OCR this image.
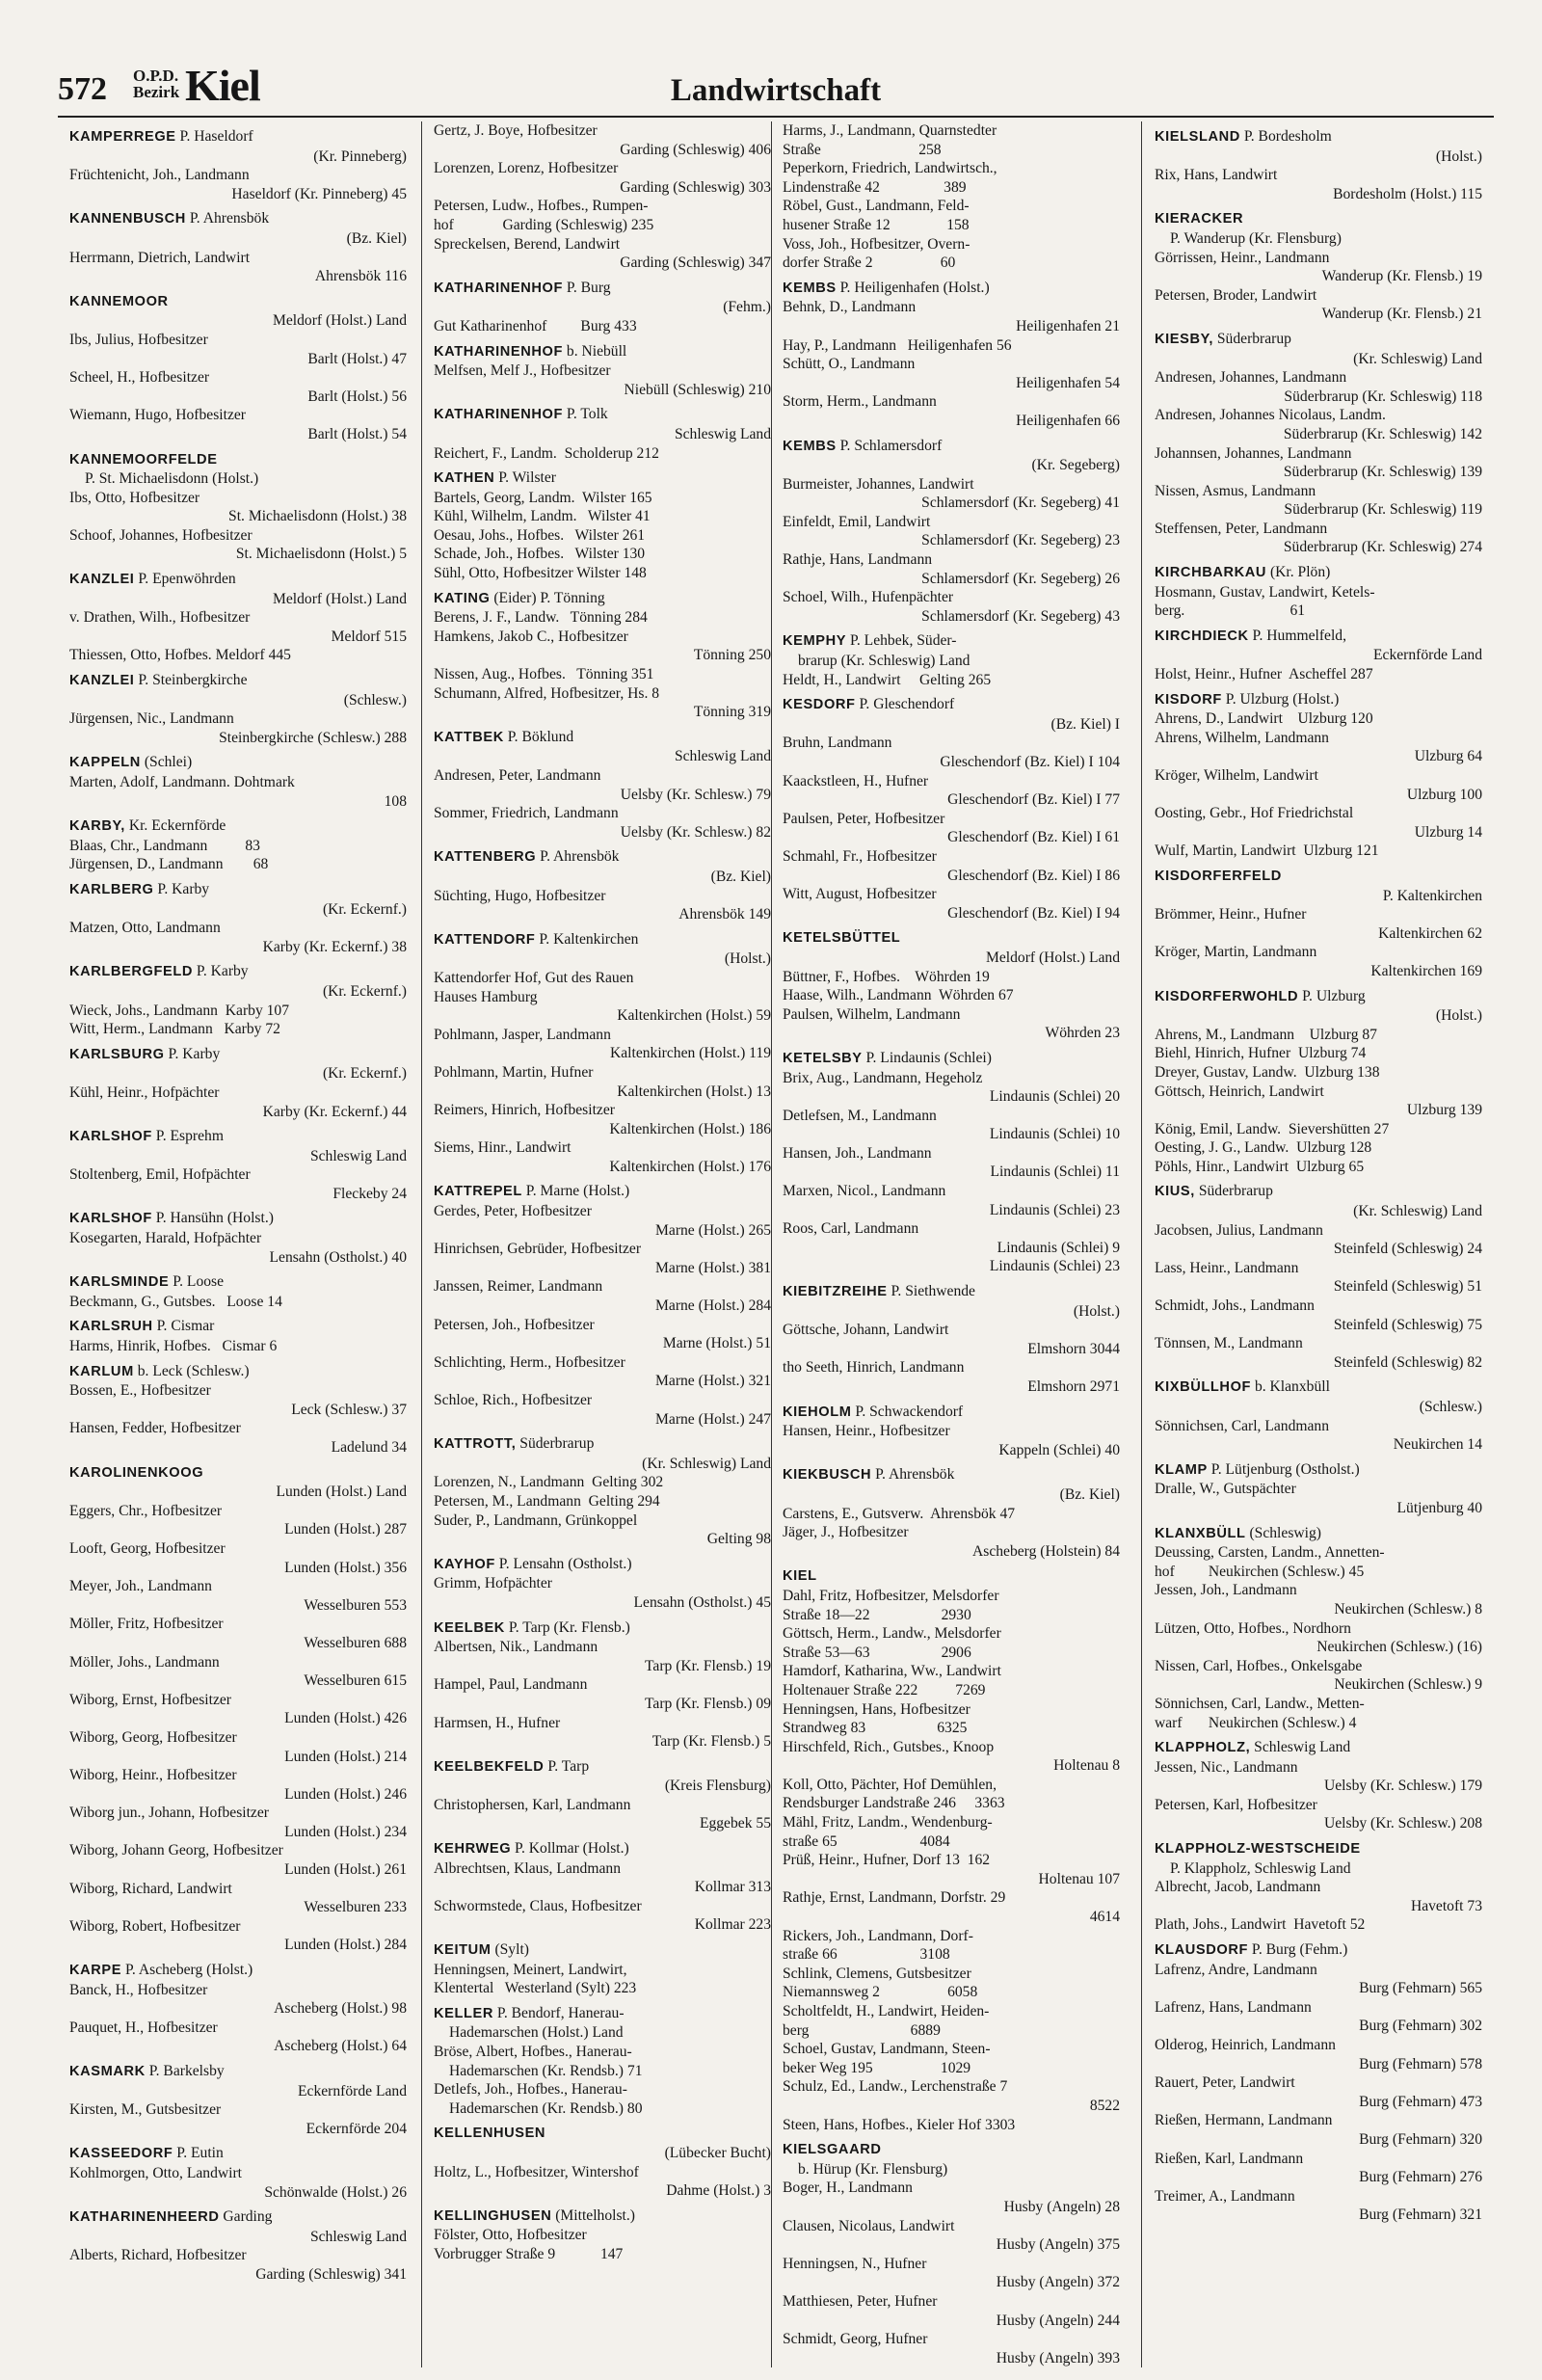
572 O.P.D.
Bezirk Kiel	Landwirtschaft
KAMPERREGE P. Haseldorf
(Kr. Pinneberg)
Früchtenicht, Joh., Landmann
Haseldorf (Kr. Pinneberg) 45
KANNENBUSCH P. Ahrensbök
(Bz. Kiel)
Herrmann, Dietrich, Landwirt
Ahrensbök 116
KANNEMOOR
Meldorf (Holst.) Land
Ibs, Julius, Hofbesitzer
Barlt (Holst.) 47
Scheel, H., Hofbesitzer
Barlt (Holst.) 56
Wiemann, Hugo, Hofbesitzer
Barlt (Holst.) 54
KANNEMOORFELDE
P. St. Michaelisdonn (Holst.)
Ibs, Otto, Hofbesitzer
St. Michaelisdonn (Holst.) 38
Schoof, Johannes, Hofbesitzer
St. Michaelisdonn (Holst.) 5
KANZLEI P. Epenwöhrden
Meldorf (Holst.) Land
v. Drathen, Wilh., Hofbesitzer
Meldorf 515
Thiessen, Otto, Hofbes. Meldorf 445
KANZLEI P. Steinbergkirche
(Schlesw.)
Jürgensen, Nic., Landmann
Steinbergkirche (Schlesw.) 288
KAPPELN (Schlei)
Marten, Adolf, Landmann. Dohtmark
108
KARBY, Kr. Eckernförde
Blaas, Chr., Landmann          83
Jürgensen, D., Landmann        68
KARLBERG P. Karby
(Kr. Eckernf.)
Matzen, Otto, Landmann
Karby (Kr. Eckernf.) 38
KARLBERGFELD P. Karby
(Kr. Eckernf.)
Wieck, Johs., Landmann  Karby 107
Witt, Herm., Landmann   Karby 72
KARLSBURG P. Karby
(Kr. Eckernf.)
Kühl, Heinr., Hofpächter
Karby (Kr. Eckernf.) 44
KARLSHOF P. Esprehm
Schleswig Land
Stoltenberg, Emil, Hofpächter
Fleckeby 24
KARLSHOF P. Hansühn (Holst.)
Kosegarten, Harald, Hofpächter
Lensahn (Ostholst.) 40
KARLSMINDE P. Loose
Beckmann, G., Gutsbes.   Loose 14
KARLSRUH P. Cismar
Harms, Hinrik, Hofbes.   Cismar 6
KARLUM b. Leck (Schlesw.)
Bossen, E., Hofbesitzer
Leck (Schlesw.) 37
Hansen, Fedder, Hofbesitzer
Ladelund 34
KAROLINENKOOG
Lunden (Holst.) Land
Eggers, Chr., Hofbesitzer
Lunden (Holst.) 287
Looft, Georg, Hofbesitzer
Lunden (Holst.) 356
Meyer, Joh., Landmann
Wesselburen 553
Möller, Fritz, Hofbesitzer
Wesselburen 688
Möller, Johs., Landmann
Wesselburen 615
Wiborg, Ernst, Hofbesitzer
Lunden (Holst.) 426
Wiborg, Georg, Hofbesitzer
Lunden (Holst.) 214
Wiborg, Heinr., Hofbesitzer
Lunden (Holst.) 246
Wiborg jun., Johann, Hofbesitzer
Lunden (Holst.) 234
Wiborg, Johann Georg, Hofbesitzer
Lunden (Holst.) 261
Wiborg, Richard, Landwirt
Wesselburen 233
Wiborg, Robert, Hofbesitzer
Lunden (Holst.) 284
KARPE P. Ascheberg (Holst.)
Banck, H., Hofbesitzer
Ascheberg (Holst.) 98
Pauquet, H., Hofbesitzer
Ascheberg (Holst.) 64
KASMARK P. Barkelsby
Eckernförde Land
Kirsten, M., Gutsbesitzer
Eckernförde 204
KASSEEDORF P. Eutin
Kohlmorgen, Otto, Landwirt
Schönwalde (Holst.) 26
KATHARINENHEERD Garding
Schleswig Land
Alberts, Richard, Hofbesitzer
Garding (Schleswig) 341
Gertz, J. Boye, Hofbesitzer
Garding (Schleswig) 406
Lorenzen, Lorenz, Hofbesitzer
Garding (Schleswig) 303
Petersen, Ludw., Hofbes., Rumpen-
hof             Garding (Schleswig) 235
Spreckelsen, Berend, Landwirt
Garding (Schleswig) 347
KATHARINENHOF P. Burg
(Fehm.)
Gut Katharinenhof         Burg 433
KATHARINENHOF b. Niebüll
Melfsen, Melf J., Hofbesitzer
Niebüll (Schleswig) 210
KATHARINENHOF P. Tolk
Schleswig Land
Reichert, F., Landm.  Scholderup 212
KATHEN P. Wilster
Bartels, Georg, Landm.  Wilster 165
Kühl, Wilhelm, Landm.   Wilster 41
Oesau, Johs., Hofbes.   Wilster 261
Schade, Joh., Hofbes.   Wilster 130
Sühl, Otto, Hofbesitzer Wilster 148
KATING (Eider) P. Tönning
Berens, J. F., Landw.   Tönning 284
Hamkens, Jakob C., Hofbesitzer
Tönning 250
Nissen, Aug., Hofbes.   Tönning 351
Schumann, Alfred, Hofbesitzer, Hs. 8
Tönning 319
KATTBEK P. Böklund
Schleswig Land
Andresen, Peter, Landmann
Uelsby (Kr. Schlesw.) 79
Sommer, Friedrich, Landmann
Uelsby (Kr. Schlesw.) 82
KATTENBERG P. Ahrensbök
(Bz. Kiel)
Süchting, Hugo, Hofbesitzer
Ahrensbök 149
KATTENDORF P. Kaltenkirchen
(Holst.)
Kattendorfer Hof, Gut des Rauen
Hauses Hamburg
Kaltenkirchen (Holst.) 59
Pohlmann, Jasper, Landmann
Kaltenkirchen (Holst.) 119
Pohlmann, Martin, Hufner
Kaltenkirchen (Holst.) 13
Reimers, Hinrich, Hofbesitzer
Kaltenkirchen (Holst.) 186
Siems, Hinr., Landwirt
Kaltenkirchen (Holst.) 176
KATTREPEL P. Marne (Holst.)
Gerdes, Peter, Hofbesitzer
Marne (Holst.) 265
Hinrichsen, Gebrüder, Hofbesitzer
Marne (Holst.) 381
Janssen, Reimer, Landmann
Marne (Holst.) 284
Petersen, Joh., Hofbesitzer
Marne (Holst.) 51
Schlichting, Herm., Hofbesitzer
Marne (Holst.) 321
Schloe, Rich., Hofbesitzer
Marne (Holst.) 247
KATTROTT, Süderbrarup
(Kr. Schleswig) Land
Lorenzen, N., Landmann  Gelting 302
Petersen, M., Landmann  Gelting 294
Suder, P., Landmann, Grünkoppel
Gelting 98
KAYHOF P. Lensahn (Ostholst.)
Grimm, Hofpächter
Lensahn (Ostholst.) 45
KEELBEK P. Tarp (Kr. Flensb.)
Albertsen, Nik., Landmann
Tarp (Kr. Flensb.) 19
Hampel, Paul, Landmann
Tarp (Kr. Flensb.) 09
Harmsen, H., Hufner
Tarp (Kr. Flensb.) 5
KEELBEKFELD P. Tarp
(Kreis Flensburg)
Christophersen, Karl, Landmann
Eggebek 55
KEHRWEG P. Kollmar (Holst.)
Albrechtsen, Klaus, Landmann
Kollmar 313
Schwormstede, Claus, Hofbesitzer
Kollmar 223
KEITUM (Sylt)
Henningsen, Meinert, Landwirt,
Klentertal   Westerland (Sylt) 223
KELLER P. Bendorf, Hanerau-
Hademarschen (Holst.) Land
Bröse, Albert, Hofbes., Hanerau-
Hademarschen (Kr. Rendsb.) 71
Detlefs, Joh., Hofbes., Hanerau-
Hademarschen (Kr. Rendsb.) 80
KELLENHUSEN
(Lübecker Bucht)
Holtz, L., Hofbesitzer, Wintershof
Dahme (Holst.) 3
KELLINGHUSEN (Mittelholst.)
Fölster, Otto, Hofbesitzer
Vorbrugger Straße 9            147
Harms, J., Landmann, Quarnstedter
Straße                          258
Peperkorn, Friedrich, Landwirtsch.,
Lindenstraße 42                 389
Röbel, Gust., Landmann, Feld-
husener Straße 12               158
Voss, Joh., Hofbesitzer, Overn-
dorfer Straße 2                  60
KEMBS P. Heiligenhafen (Holst.)
Behnk, D., Landmann
Heiligenhafen 21
Hay, P., Landmann   Heiligenhafen 56
Schütt, O., Landmann
Heiligenhafen 54
Storm, Herm., Landmann
Heiligenhafen 66
KEMBS P. Schlamersdorf
(Kr. Segeberg)
Burmeister, Johannes, Landwirt
Schlamersdorf (Kr. Segeberg) 41
Einfeldt, Emil, Landwirt
Schlamersdorf (Kr. Segeberg) 23
Rathje, Hans, Landmann
Schlamersdorf (Kr. Segeberg) 26
Schoel, Wilh., Hufenpächter
Schlamersdorf (Kr. Segeberg) 43
KEMPHY P. Lehbek, Süder-
brarup (Kr. Schleswig) Land
Heldt, H., Landwirt     Gelting 265
KESDORF P. Gleschendorf
(Bz. Kiel) I
Bruhn, Landmann
Gleschendorf (Bz. Kiel) I 104
Kaackstleen, H., Hufner
Gleschendorf (Bz. Kiel) I 77
Paulsen, Peter, Hofbesitzer
Gleschendorf (Bz. Kiel) I 61
Schmahl, Fr., Hofbesitzer
Gleschendorf (Bz. Kiel) I 86
Witt, August, Hofbesitzer
Gleschendorf (Bz. Kiel) I 94
KETELSBÜTTEL
Meldorf (Holst.) Land
Büttner, F., Hofbes.    Wöhrden 19
Haase, Wilh., Landmann  Wöhrden 67
Paulsen, Wilhelm, Landmann
Wöhrden 23
KETELSBY P. Lindaunis (Schlei)
Brix, Aug., Landmann, Hegeholz
Lindaunis (Schlei) 20
Detlefsen, M., Landmann
Lindaunis (Schlei) 10
Hansen, Joh., Landmann
Lindaunis (Schlei) 11
Marxen, Nicol., Landmann
Lindaunis (Schlei) 23
Roos, Carl, Landmann
Lindaunis (Schlei) 9
Lindaunis (Schlei) 23
KIEBITZREIHE P. Siethwende
(Holst.)
Göttsche, Johann, Landwirt
Elmshorn 3044
tho Seeth, Hinrich, Landmann
Elmshorn 2971
KIEHOLM P. Schwackendorf
Hansen, Heinr., Hofbesitzer
Kappeln (Schlei) 40
KIEKBUSCH P. Ahrensbök
(Bz. Kiel)
Carstens, E., Gutsverw.  Ahrensbök 47
Jäger, J., Hofbesitzer
Ascheberg (Holstein) 84
KIEL
Dahl, Fritz, Hofbesitzer, Melsdorfer
Straße 18—22                   2930
Göttsch, Herm., Landw., Melsdorfer
Straße 53—63                   2906
Hamdorf, Katharina, Ww., Landwirt
Holtenauer Straße 222          7269
Henningsen, Hans, Hofbesitzer
Strandweg 83                   6325
Hirschfeld, Rich., Gutsbes., Knoop
Holtenau 8
Koll, Otto, Pächter, Hof Demühlen,
Rendsburger Landstraße 246     3363
Mähl, Fritz, Landm., Wendenburg-
straße 65                      4084
Prüß, Heinr., Hufner, Dorf 13  162
Holtenau 107
Rathje, Ernst, Landmann, Dorfstr. 29
4614
Rickers, Joh., Landmann, Dorf-
straße 66                      3108
Schlink, Clemens, Gutsbesitzer
Niemannsweg 2                  6058
Scholtfeldt, H., Landwirt, Heiden-
berg                           6889
Schoel, Gustav, Landmann, Steen-
beker Weg 195                  1029
Schulz, Ed., Landw., Lerchenstraße 7
8522
Steen, Hans, Hofbes., Kieler Hof 3303
KIELSGAARD
b. Hürup (Kr. Flensburg)
Boger, H., Landmann
Husby (Angeln) 28
Clausen, Nicolaus, Landwirt
Husby (Angeln) 375
Henningsen, N., Hufner
Husby (Angeln) 372
Matthiesen, Peter, Hufner
Husby (Angeln) 244
Schmidt, Georg, Hufner
Husby (Angeln) 393
KIELSLAND P. Bordesholm
(Holst.)
Rix, Hans, Landwirt
Bordesholm (Holst.) 115
KIERACKER
P. Wanderup (Kr. Flensburg)
Görrissen, Heinr., Landmann
Wanderup (Kr. Flensb.) 19
Petersen, Broder, Landwirt
Wanderup (Kr. Flensb.) 21
KIESBY, Süderbrarup
(Kr. Schleswig) Land
Andresen, Johannes, Landmann
Süderbrarup (Kr. Schleswig) 118
Andresen, Johannes Nicolaus, Landm.
Süderbrarup (Kr. Schleswig) 142
Johannsen, Johannes, Landmann
Süderbrarup (Kr. Schleswig) 139
Nissen, Asmus, Landmann
Süderbrarup (Kr. Schleswig) 119
Steffensen, Peter, Landmann
Süderbrarup (Kr. Schleswig) 274
KIRCHBARKAU (Kr. Plön)
Hosmann, Gustav, Landwirt, Ketels-
berg.                            61
KIRCHDIECK P. Hummelfeld,
Eckernförde Land
Holst, Heinr., Hufner  Ascheffel 287
KISDORF P. Ulzburg (Holst.)
Ahrens, D., Landwirt    Ulzburg 120
Ahrens, Wilhelm, Landmann
Ulzburg 64
Kröger, Wilhelm, Landwirt
Ulzburg 100
Oosting, Gebr., Hof Friedrichstal
Ulzburg 14
Wulf, Martin, Landwirt  Ulzburg 121
KISDORFERFELD
P. Kaltenkirchen
Brömmer, Heinr., Hufner
Kaltenkirchen 62
Kröger, Martin, Landmann
Kaltenkirchen 169
KISDORFERWOHLD P. Ulzburg
(Holst.)
Ahrens, M., Landmann    Ulzburg 87
Biehl, Hinrich, Hufner  Ulzburg 74
Dreyer, Gustav, Landw.  Ulzburg 138
Göttsch, Heinrich, Landwirt
Ulzburg 139
König, Emil, Landw.  Sievershütten 27
Oesting, J. G., Landw.  Ulzburg 128
Pöhls, Hinr., Landwirt  Ulzburg 65
KIUS, Süderbrarup
(Kr. Schleswig) Land
Jacobsen, Julius, Landmann
Steinfeld (Schleswig) 24
Lass, Heinr., Landmann
Steinfeld (Schleswig) 51
Schmidt, Johs., Landmann
Steinfeld (Schleswig) 75
Tönnsen, M., Landmann
Steinfeld (Schleswig) 82
KIXBÜLLHOF b. Klanxbüll
(Schlesw.)
Sönnichsen, Carl, Landmann
Neukirchen 14
KLAMP P. Lütjenburg (Ostholst.)
Dralle, W., Gutspächter
Lütjenburg 40
KLANXBÜLL (Schleswig)
Deussing, Carsten, Landm., Annetten-
hof         Neukirchen (Schlesw.) 45
Jessen, Joh., Landmann
Neukirchen (Schlesw.) 8
Lützen, Otto, Hofbes., Nordhorn
Neukirchen (Schlesw.) (16)
Nissen, Carl, Hofbes., Onkelsgabe
Neukirchen (Schlesw.) 9
Sönnichsen, Carl, Landw., Metten-
warf       Neukirchen (Schlesw.) 4
KLAPPHOLZ, Schleswig Land
Jessen, Nic., Landmann
Uelsby (Kr. Schlesw.) 179
Petersen, Karl, Hofbesitzer
Uelsby (Kr. Schlesw.) 208
KLAPPHOLZ-WESTSCHEIDE
P. Klappholz, Schleswig Land
Albrecht, Jacob, Landmann
Havetoft 73
Plath, Johs., Landwirt  Havetoft 52
KLAUSDORF P. Burg (Fehm.)
Lafrenz, Andre, Landmann
Burg (Fehmarn) 565
Lafrenz, Hans, Landmann
Burg (Fehmarn) 302
Olderog, Heinrich, Landmann
Burg (Fehmarn) 578
Rauert, Peter, Landwirt
Burg (Fehmarn) 473
Rießen, Hermann, Landmann
Burg (Fehmarn) 320
Rießen, Karl, Landmann
Burg (Fehmarn) 276
Treimer, A., Landmann
Burg (Fehmarn) 321
